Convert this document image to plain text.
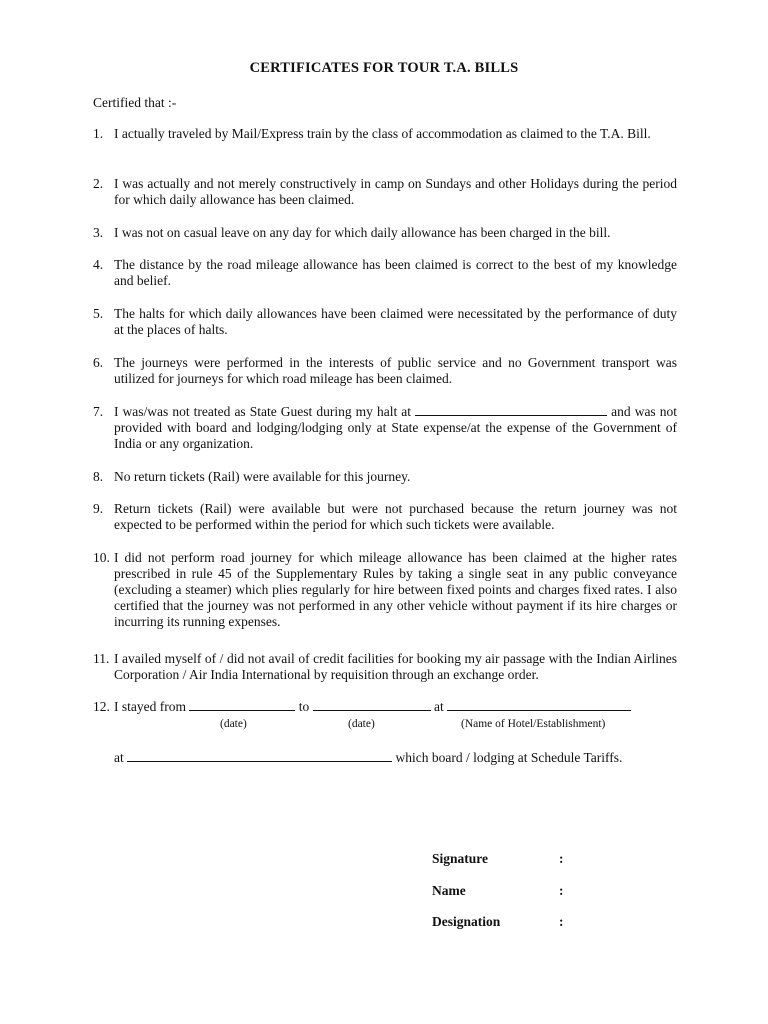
CERTIFICATES FOR TOUR T.A. BILLS
Certified that :-
1. I actually traveled by Mail/Express train by the class of accommodation as claimed to the T.A. Bill.
2. I was actually and not merely constructively in camp on Sundays and other Holidays during the period for which daily allowance has been claimed.
3. I was not on casual leave on any day for which daily allowance has been charged in the bill.
4. The distance by the road mileage allowance has been claimed is correct to the best of my knowledge and belief.
5. The halts for which daily allowances have been claimed were necessitated by the performance of duty at the places of halts.
6. The journeys were performed in the interests of public service and no Government transport was utilized for journeys for which road mileage has been claimed.
7. I was/was not treated as State Guest during my halt at	and was not provided with board and lodging/lodging only at State expense/at the expense of the Government of India or any organization.
8. No return tickets (Rail) were available for this journey.
9. Return tickets (Rail) were available but were not purchased because the return journey was not expected to be performed within the period for which such tickets were available.
10. I did not perform road journey for which mileage allowance has been claimed at the higher rates prescribed in rule 45 of the Supplementary Rules by taking a single seat in any public conveyance (excluding a steamer) which plies regularly for hire between fixed points and charges fixed rates. I also certified that the journey was not performed in any other vehicle without payment if its hire charges or incurring its running expenses.
11. I availed myself of / did not avail of credit facilities for booking my air passage with the Indian Airlines Corporation / Air India International by requisition through an exchange order.
12. I stayed from	to	at
(date)	(date)	(Name of Hotel/Establishment)
at	which board / lodging at Schedule Tariffs.
Signature	:
Name	:
Designation	:
